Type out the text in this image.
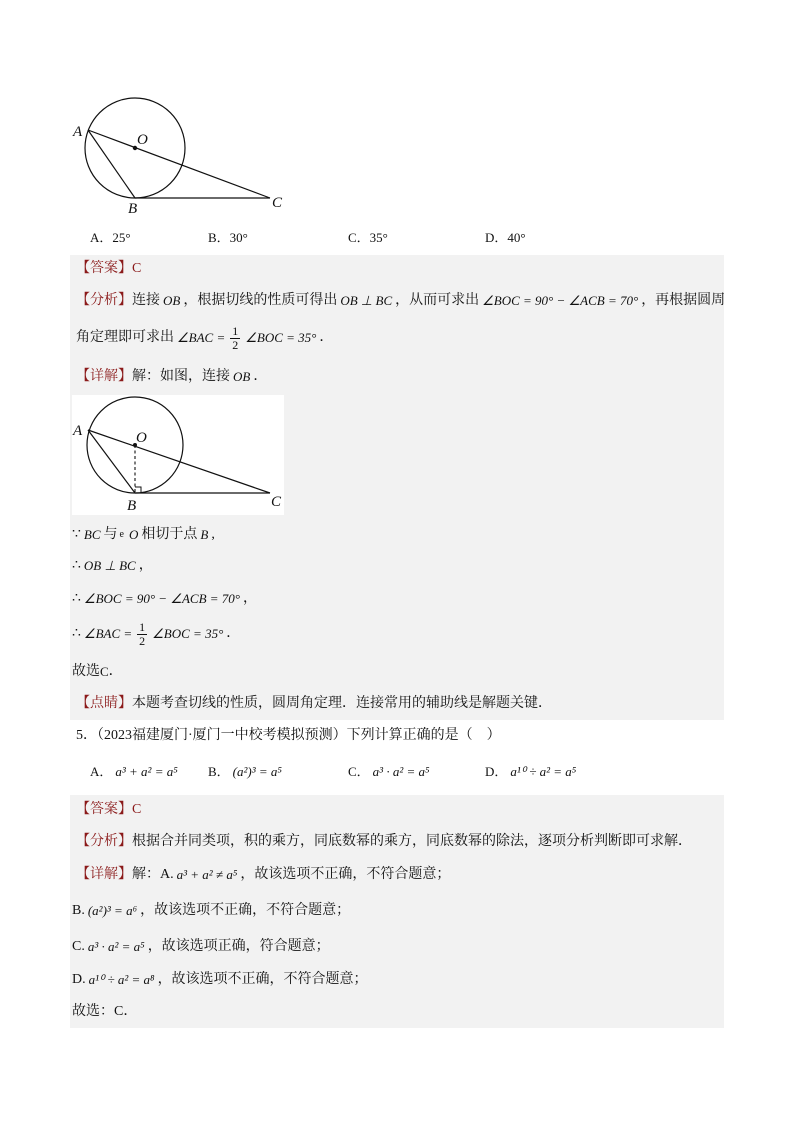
A	O
B	C
A． 25°	B． 30°	C． 35°	D． 40°
【答案】 C
【分析】 连接 OB ，根据切线的性质可得出 OB ⊥ BC ，从而可求出 ∠BOC = 90° − ∠ACB = 70° ，再根据圆周
角定理即可求出 ∠BAC = $\frac{1}{2}$ ∠BOC = 35° ．
【详解】 解：如图，连接 OB ．
A	O
B	C
∵ BC 与 e O 相切于点 B ,
∴ OB ⊥ BC ，
∴ ∠BOC = 90° − ∠ACB = 70° ，
∴ ∠BAC = $\frac{1}{2}$ ∠BOC = 35° ．
故选 C ．
【点睛】 本题考查切线的性质，圆周角定理．连接常用的辅助线是解题关键．
5．（2023福建厦门·厦门一中校考模拟预测）下列计算正确的是（　）
A． a³ + a² = a⁵ B． (a²)³ = a⁵	C． a³ · a² = a⁵	D． a¹⁰ ÷ a² = a⁵
【答案】 C
【分析】 根据合并同类项，积的乘方，同底数幂的乘方，同底数幂的除法，逐项分析判断即可求解．
【详解】 解：A. a³ + a² ≠ a⁵ ，故该选项不正确，不符合题意；
B. (a²)³ = a⁶ ，故该选项不正确，不符合题意；
C. a³ · a² = a⁵ ，故该选项正确，符合题意；
D. a¹⁰ ÷ a² = a⁸ ，故该选项不正确，不符合题意；
故选：C．
